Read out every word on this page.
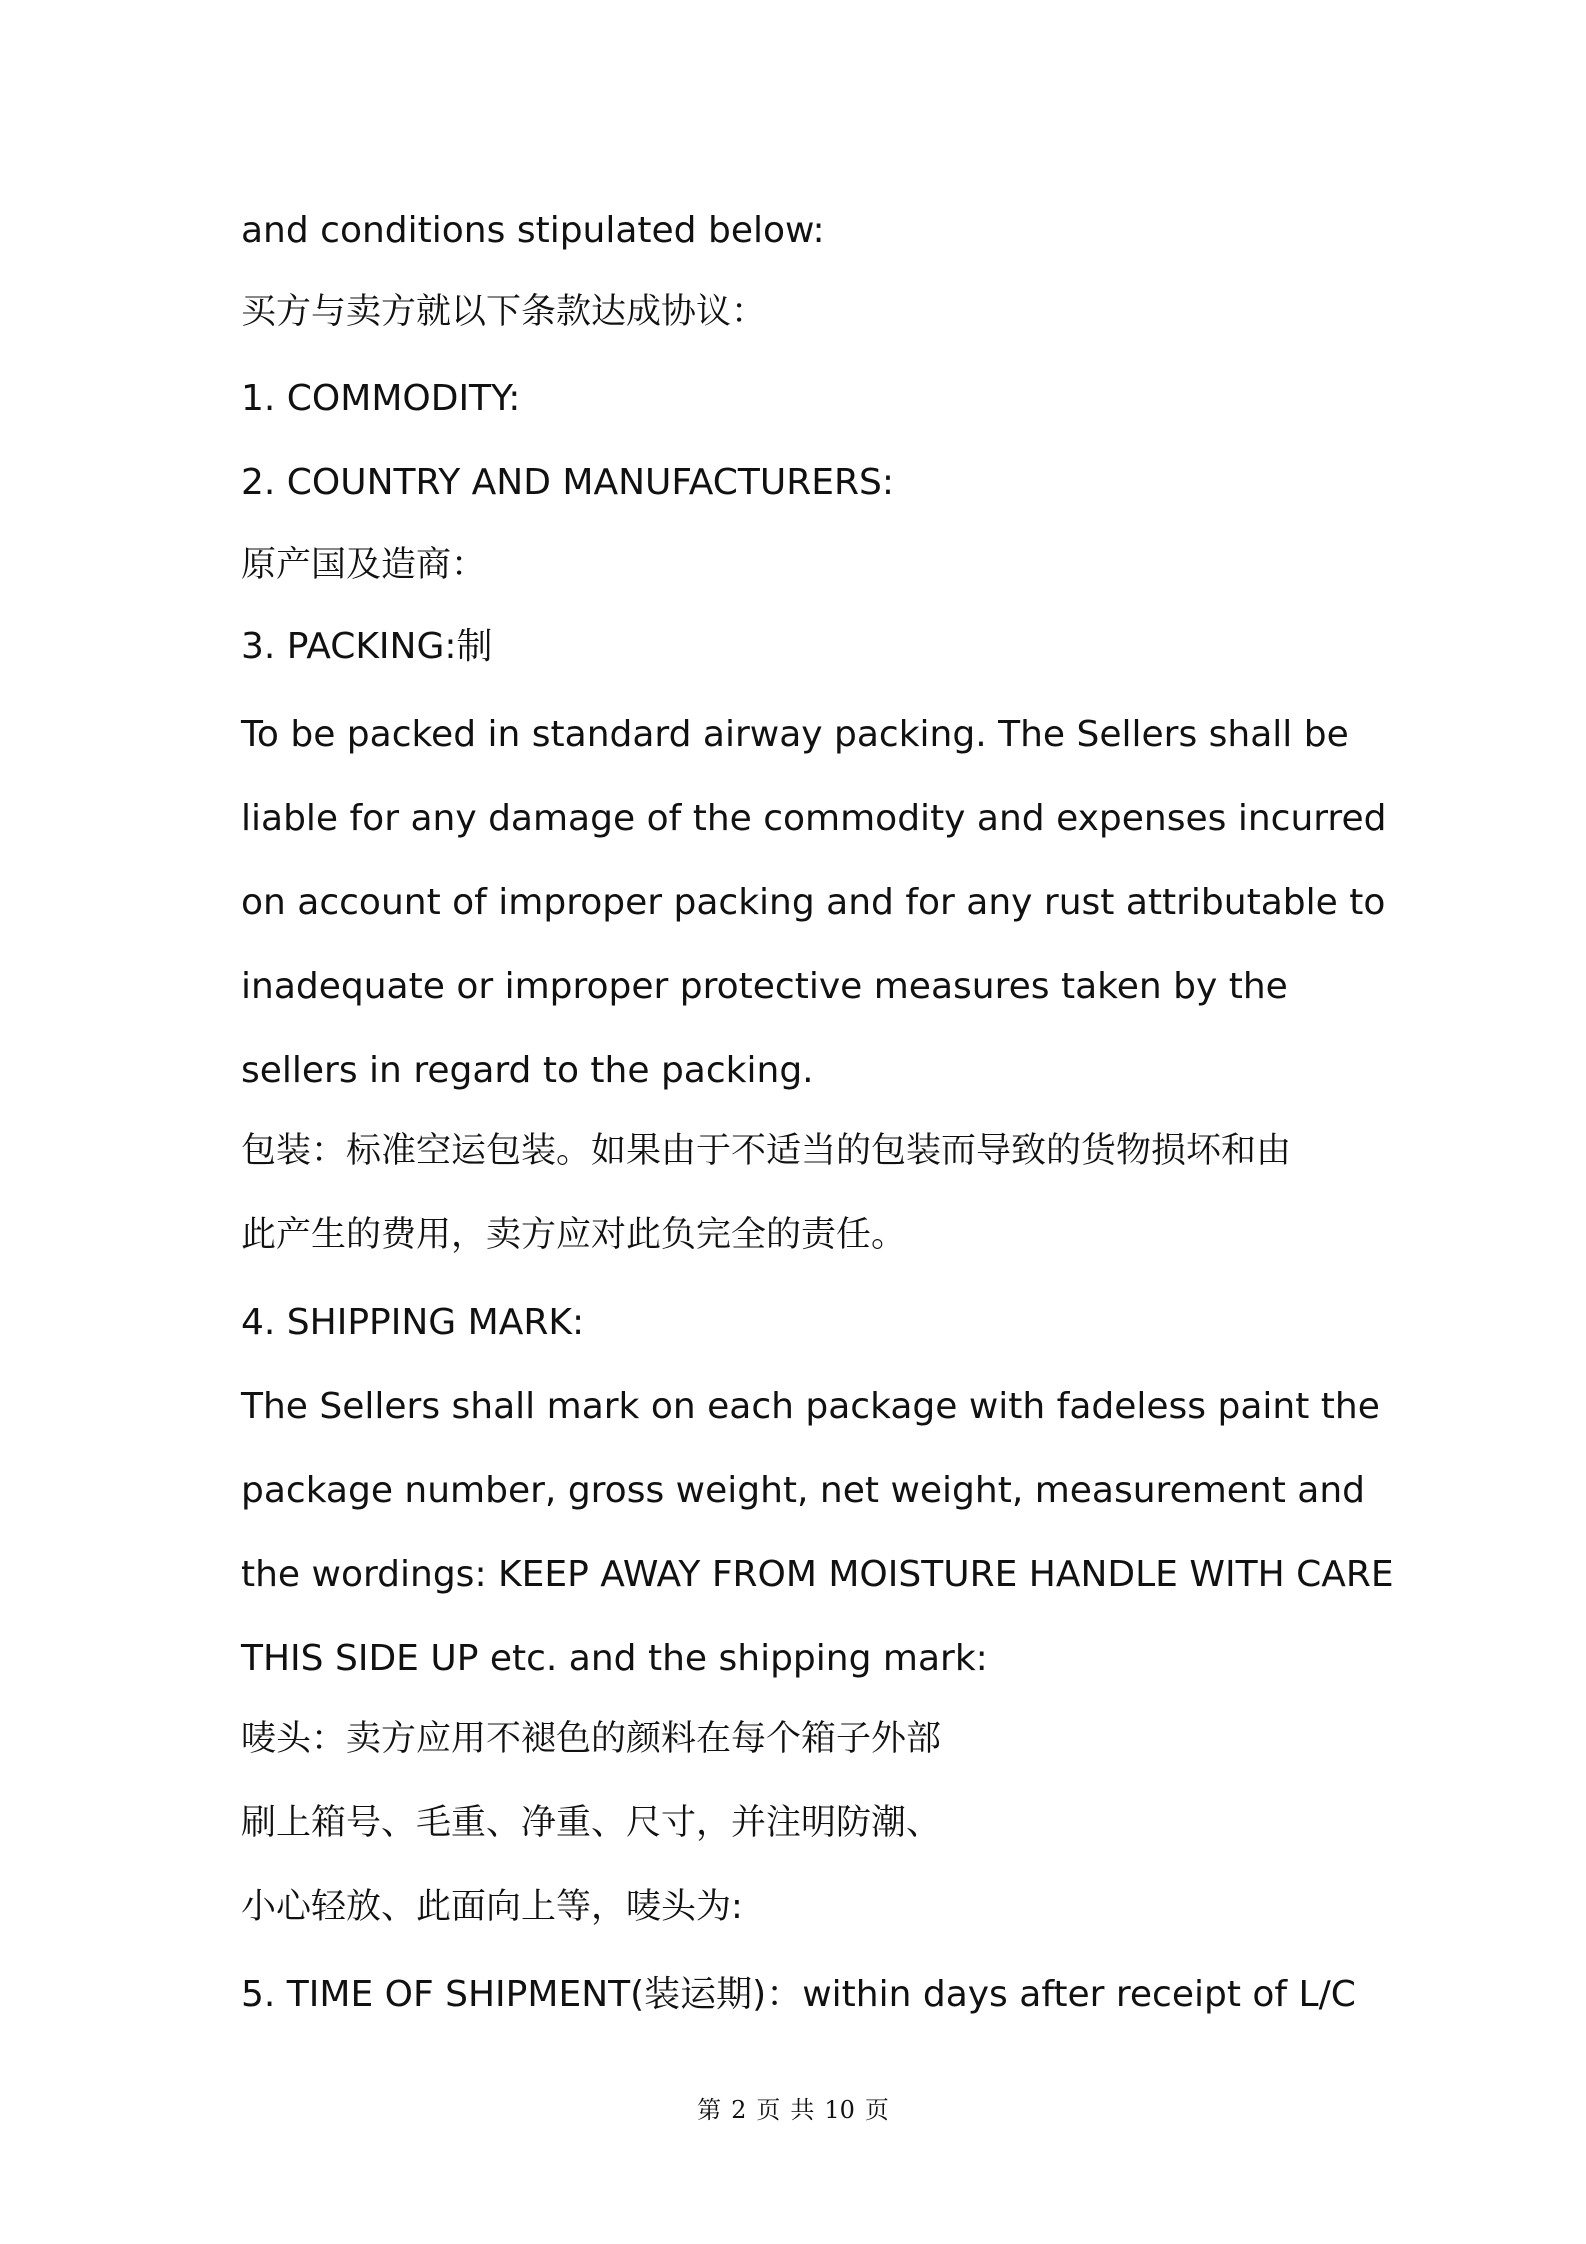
and conditions stipulated below:
买方与卖方就以下条款达成协议：
1. COMMODITY:
2. COUNTRY AND MANUFACTURERS:
原产国及造商：
3. PACKING:制
To be packed in standard airway packing. The Sellers shall be
liable for any damage of the commodity and expenses incurred
on account of improper packing and for any rust attributable to
inadequate or improper protective measures taken by the
sellers in regard to the packing.
包装：标准空运包装。如果由于不适当的包装而导致的货物损坏和由
此产生的费用，卖方应对此负完全的责任。
4. SHIPPING MARK:
The Sellers shall mark on each package with fadeless paint the
package number, gross weight, net weight, measurement and
the wordings: KEEP AWAY FROM MOISTURE HANDLE WITH CARE
THIS SIDE UP etc. and the shipping mark:
唛头：卖方应用不褪色的颜料在每个箱子外部
刷上箱号、毛重、净重、尺寸，并注明防潮、
小心轻放、此面向上等，唛头为:
5. TIME OF SHIPMENT(装运期)：within days after receipt of L/C
第 2 页 共 10 页
